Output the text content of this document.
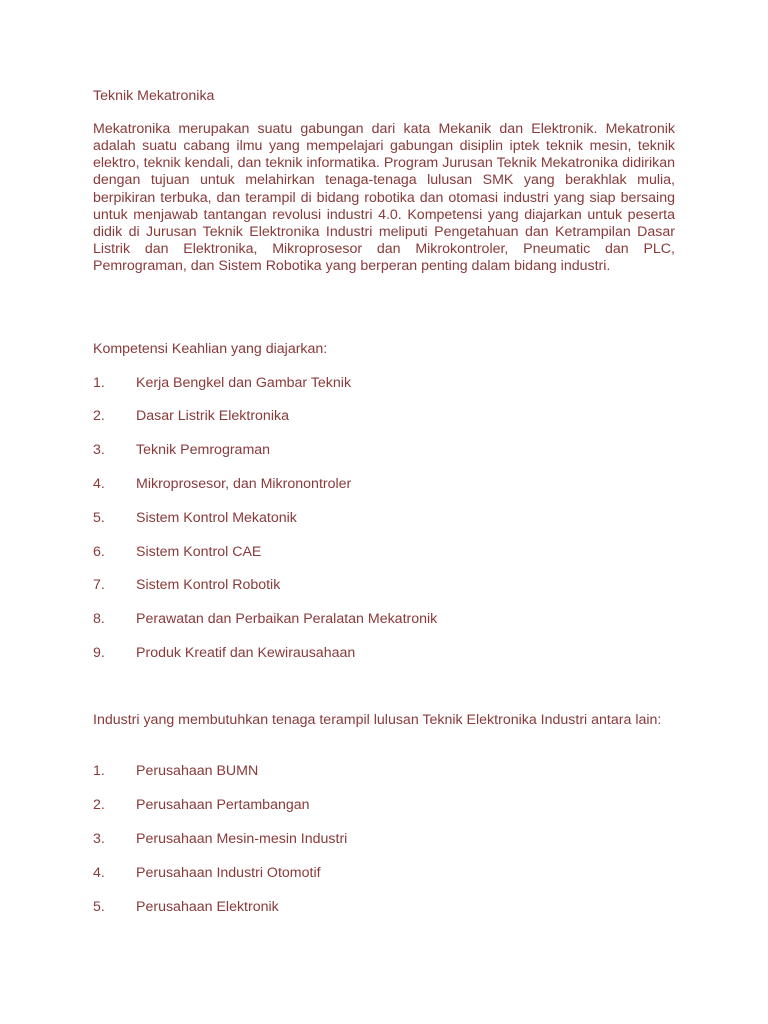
Teknik Mekatronika
Mekatronika merupakan suatu gabungan dari kata Mekanik dan Elektronik. Mekatronik adalah suatu cabang ilmu yang mempelajari gabungan disiplin iptek teknik mesin, teknik elektro, teknik kendali, dan teknik informatika. Program Jurusan Teknik Mekatronika didirikan dengan tujuan untuk melahirkan tenaga-tenaga lulusan SMK yang berakhlak mulia, berpikiran terbuka, dan terampil di bidang robotika dan otomasi industri yang siap bersaing untuk menjawab tantangan revolusi industri 4.0. Kompetensi yang diajarkan untuk peserta didik di Jurusan Teknik Elektronika Industri meliputi Pengetahuan dan Ketrampilan Dasar Listrik dan Elektronika, Mikroprosesor dan Mikrokontroler, Pneumatic dan PLC, Pemrograman, dan Sistem Robotika yang berperan penting dalam bidang industri.
Kompetensi Keahlian yang diajarkan:
1. Kerja Bengkel dan Gambar Teknik
2. Dasar Listrik Elektronika
3. Teknik Pemrograman
4. Mikroprosesor, dan Mikronontroler
5. Sistem Kontrol Mekatonik
6. Sistem Kontrol CAE
7. Sistem Kontrol Robotik
8. Perawatan dan Perbaikan Peralatan Mekatronik
9. Produk Kreatif dan Kewirausahaan
Industri yang membutuhkan tenaga terampil lulusan Teknik Elektronika Industri antara lain:
1. Perusahaan BUMN
2. Perusahaan Pertambangan
3. Perusahaan Mesin-mesin Industri
4. Perusahaan Industri Otomotif
5. Perusahaan Elektronik
